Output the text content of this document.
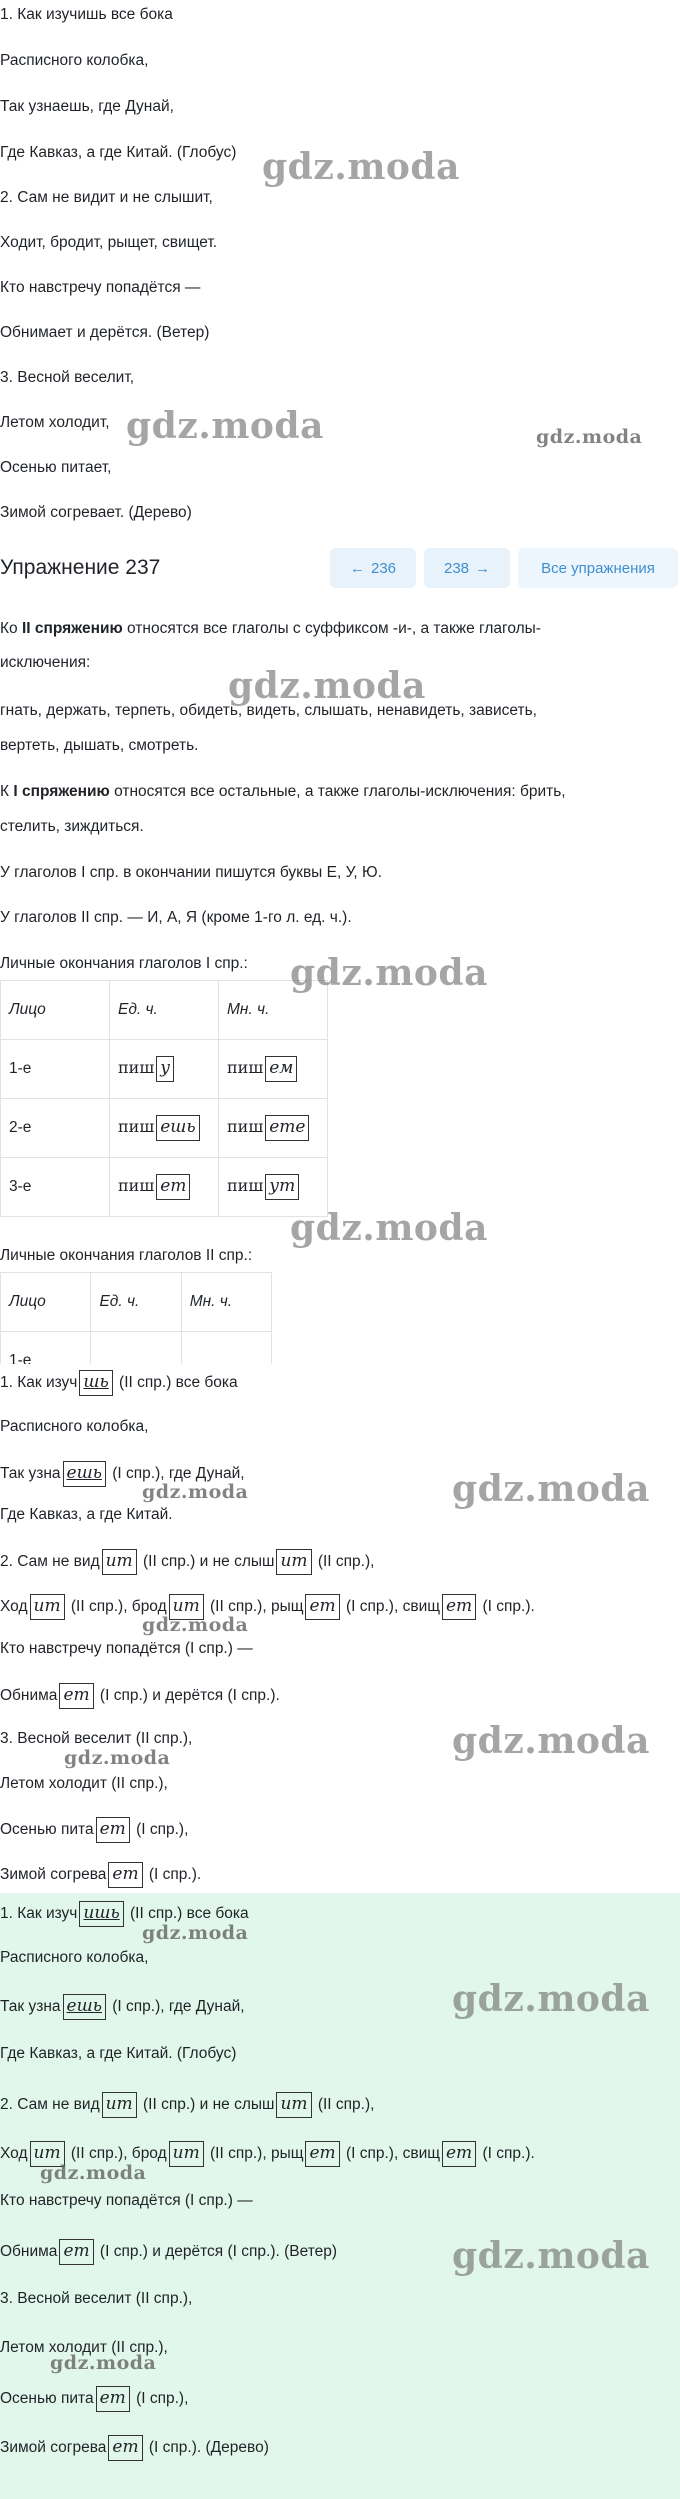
1. Как изучишь все бока
Расписного колобка,
Так узнаешь, где Дунай,
Где Кавказ, а где Китай. (Глобус)
2. Сам не видит и не слышит,
Ходит, бродит, рыщет, свищет.
Кто навстречу попадётся —
Обнимает и дерётся. (Ветер)
3. Весной веселит,
Летом холодит,
Осенью питает,
Зимой согревает. (Дерево)
Упражнение 237	← 236	238 →	Все упражнения
Ко II спряжению относятся все глаголы с суффиксом -и-, а также глаголы-
исключения:
гнать, держать, терпеть, обидеть, видеть, слышать, ненавидеть, зависеть,
вертеть, дышать, смотреть.
К I спряжению относятся все остальные, а также глаголы-исключения: брить,
стелить, зиждиться.
У глаголов I спр. в окончании пишутся буквы Е, У, Ю.
У глаголов II спр. — И, А, Я (кроме 1-го л. ед. ч.).
Личные окончания глаголов I спр.:
Лицо	Ед. ч.	Мн. ч.
1-е	пиш у	пиш ем
2-е	пиш ешь	пиш ете
3-е	пиш ет	пиш ут
Личные окончания глаголов II спр.:
Лицо	Ед. ч.	Мн. ч.
1-е		
1. Как изуч шь (II спр.) все бока
Расписного колобка,
Так узна ешь (I спр.), где Дунай,
Где Кавказ, а где Китай.
2. Сам не вид ит (II спр.) и не слыш ит (II спр.),
Ход ит (II спр.), брод ит (II спр.), рыщ ет (I спр.), свищ ет (I спр.).
Кто навстречу попадётся (I спр.) —
Обнима ет (I спр.) и дерётся (I спр.).
3. Весной веселит (II спр.),
Летом холодит (II спр.),
Осенью пита ет (I спр.),
Зимой согрева ет (I спр.).
1. Как изуч ишь (II спр.) все бока
Расписного колобка,
Так узна ешь (I спр.), где Дунай,
Где Кавказ, а где Китай. (Глобус)
2. Сам не вид ит (II спр.) и не слыш ит (II спр.),
Ход ит (II спр.), брод ит (II спр.), рыщ ет (I спр.), свищ ет (I спр.).
Кто навстречу попадётся (I спр.) —
Обнима ет (I спр.) и дерётся (I спр.). (Ветер)
3. Весной веселит (II спр.),
Летом холодит (II спр.),
Осенью пита ет (I спр.),
Зимой согрева ет (I спр.). (Дерево)
gdz.moda
gdz.moda	gdz.moda
gdz.moda
gdz.moda
gdz.moda
gdz.moda
gdz.moda
gdz.moda
gdz.moda
gdz.moda
gdz.moda
gdz.moda
gdz.moda
gdz.moda
gdz.moda
